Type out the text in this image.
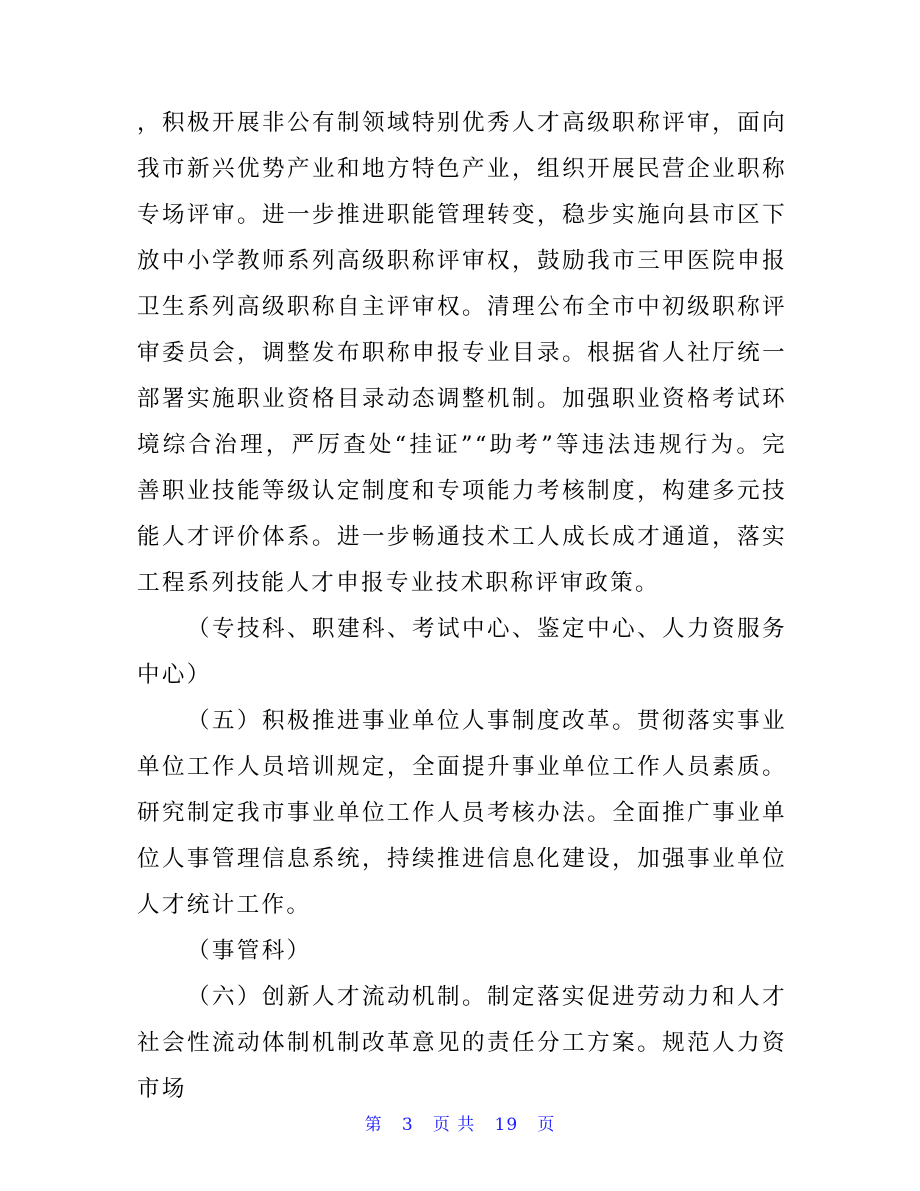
，积极开展非公有制领域特别优秀人才高级职称评审，面向我市新兴优势产业和地方特色产业，组织开展民营企业职称专场评审。进一步推进职能管理转变，稳步实施向县市区下放中小学教师系列高级职称评审权，鼓励我市三甲医院申报卫生系列高级职称自主评审权。清理公布全市中初级职称评审委员会，调整发布职称申报专业目录。根据省人社厅统一部署实施职业资格目录动态调整机制。加强职业资格考试环境综合治理，严厉查处“挂证”“助考”等违法违规行为。完善职业技能等级认定制度和专项能力考核制度，构建多元技能人才评价体系。进一步畅通技术工人成长成才通道，落实工程系列技能人才申报专业技术职称评审政策。

（专技科、职建科、考试中心、鉴定中心、人力资服务中心）

（五）积极推进事业单位人事制度改革。贯彻落实事业单位工作人员培训规定，全面提升事业单位工作人员素质。研究制定我市事业单位工作人员考核办法。全面推广事业单位人事管理信息系统，持续推进信息化建设，加强事业单位人才统计工作。

（事管科）

（六）创新人才流动机制。制定落实促进劳动力和人才社会性流动体制机制改革意见的责任分工方案。规范人力资市场

第 3 页 共 19 页
